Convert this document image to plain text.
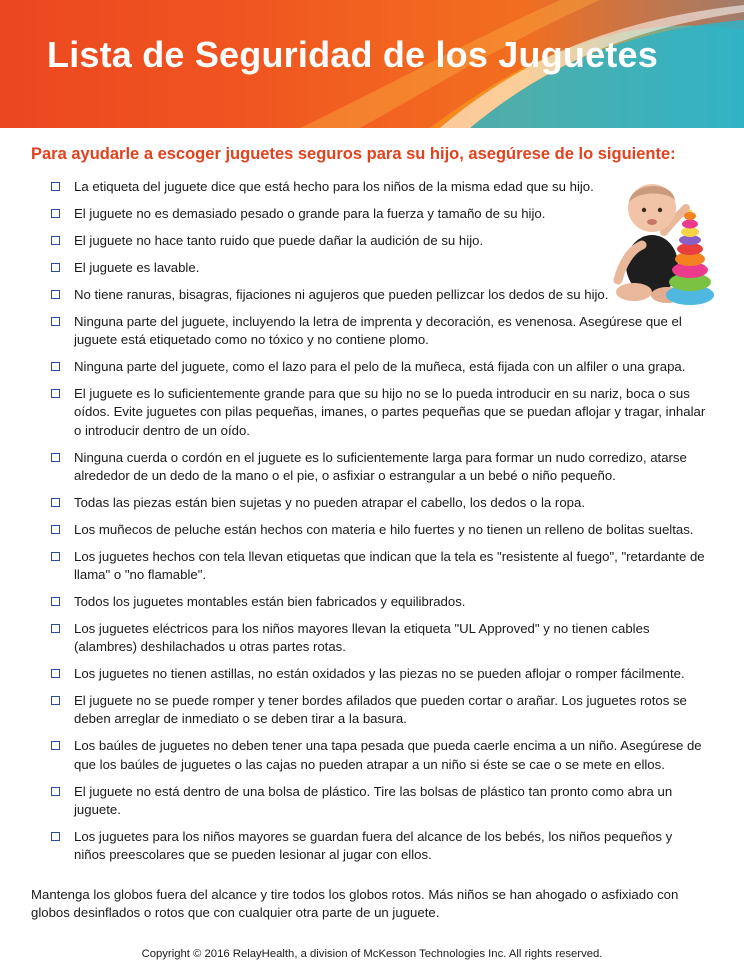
Lista de Seguridad de los Juguetes

Para ayudarle a escoger juguetes seguros para su hijo, asegúrese de lo siguiente:

La etiqueta del juguete dice que está hecho para los niños de la misma edad que su hijo.
El juguete no es demasiado pesado o grande para la fuerza y tamaño de su hijo.
El juguete no hace tanto ruido que puede dañar la audición de su hijo.
El juguete es lavable.
No tiene ranuras, bisagras, fijaciones ni agujeros que pueden pellizcar los dedos de su hijo.
Ninguna parte del juguete, incluyendo la letra de imprenta y decoración, es venenosa. Asegúrese que el juguete está etiquetado como no tóxico y no contiene plomo.
Ninguna parte del juguete, como el lazo para el pelo de la muñeca, está fijada con un alfiler o una grapa.
El juguete es lo suficientemente grande para que su hijo no se lo pueda introducir en su nariz, boca o sus oídos. Evite juguetes con pilas pequeñas, imanes, o partes pequeñas que se puedan aflojar y tragar, inhalar o introducir dentro de un oído.
Ninguna cuerda o cordón en el juguete es lo suficientemente larga para formar un nudo corredizo, atarse alrededor de un dedo de la mano o el pie, o asfixiar o estrangular a un bebé o niño pequeño.
Todas las piezas están bien sujetas y no pueden atrapar el cabello, los dedos o la ropa.
Los muñecos de peluche están hechos con materia e hilo fuertes y no tienen un relleno de bolitas sueltas.
Los juguetes hechos con tela llevan etiquetas que indican que la tela es "resistente al fuego", "retardante de llama" o "no flamable".
Todos los juguetes montables están bien fabricados y equilibrados.
Los juguetes eléctricos para los niños mayores llevan la etiqueta "UL Approved" y no tienen cables (alambres) deshilachados u otras partes rotas.
Los juguetes no tienen astillas, no están oxidados y las piezas no se pueden aflojar o romper fácilmente.
El juguete no se puede romper y tener bordes afilados que pueden cortar o arañar. Los juguetes rotos se deben arreglar de inmediato o se deben tirar a la basura.
Los baúles de juguetes no deben tener una tapa pesada que pueda caerle encima a un niño. Asegúrese de que los baúles de juguetes o las cajas no pueden atrapar a un niño si éste se cae o se mete en ellos.
El juguete no está dentro de una bolsa de plástico. Tire las bolsas de plástico tan pronto como abra un juguete.
Los juguetes para los niños mayores se guardan fuera del alcance de los bebés, los niños pequeños y niños preescolares que se pueden lesionar al jugar con ellos.

Mantenga los globos fuera del alcance y tire todos los globos rotos. Más niños se han ahogado o asfixiado con globos desinflados o rotos que con cualquier otra parte de un juguete.

Copyright © 2016 RelayHealth, a division of McKesson Technologies Inc. All rights reserved.
